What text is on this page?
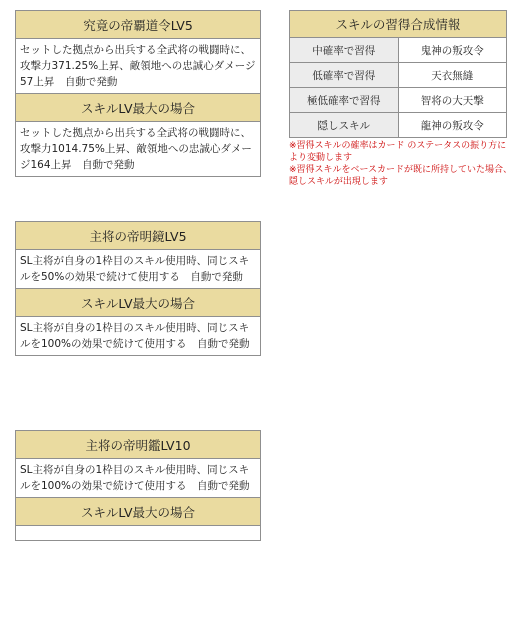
究竟の帝覇道令LV5
セットした拠点から出兵する全武将の戦闘時に、攻撃力371.25%上昇、敵領地への忠誠心ダメージ57上昇　自動で発動
スキルLV最大の場合
セットした拠点から出兵する全武将の戦闘時に、攻撃力1014.75%上昇、敵領地への忠誠心ダメージ164上昇　自動で発動
主将の帝明鏡LV5
SL主将が自身の1枠目のスキル使用時、同じスキルを50%の効果で続けて使用する　自動で発動
スキルLV最大の場合
SL主将が自身の1枠目のスキル使用時、同じスキルを100%の効果で続けて使用する　自動で発動
主将の帝明鑑LV10
SL主将が自身の1枠目のスキル使用時、同じスキルを100%の効果で続けて使用する　自動で発動
スキルLV最大の場合

スキルの習得合成情報	
中確率で習得	鬼神の叛攻令
低確率で習得	天衣無縫
極低確率で習得	智将の大天撃
隠しスキル	龍神の叛攻令
※習得スキルの確率はカード のステータスの振り方により変動します
※習得スキルをベースカードが既に所持していた場合、隠しスキルが出現します
